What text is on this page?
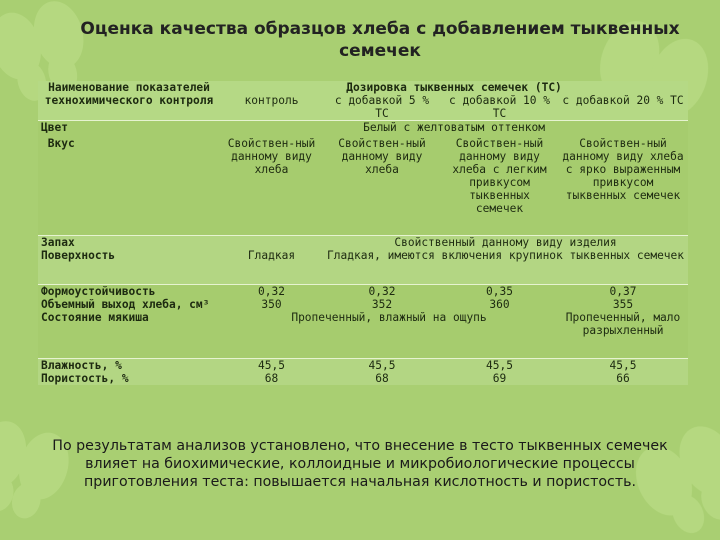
Оценка качества образцов хлеба с добавлением тыквенных семечек
Наименование показателей технохимического контроля	Дозировка тыквенных семечек (ТС)			
	контроль	с добавкой 5 % ТС	с добавкой 10 % ТС	с добавкой 20 % ТС
Цвет	Белый с желтоватым оттенком			
Вкус	Свойствен-ный данному виду хлеба	Свойствен-ный данному виду хлеба	Свойствен-ный данному виду хлеба с легким привкусом тыквенных семечек	Свойствен-ный данному виду хлеба с ярко выраженным привкусом тыквенных семечек
Запах		Свойственный данному виду изделия		
Поверхность	Гладкая	Гладкая, имеются включения крупинок тыквенных семечек		
Формоустойчивость	0,32	0,32	0,35	0,37
Объемный выход хлеба, см³	350	352	360	355
Состояние мякиша	Пропеченный, влажный на ощупь			Пропеченный, мало разрыхленный
Влажность, %	45,5	45,5	45,5	45,5
Пористость, %	68	68	69	66
По результатам анализов установлено, что внесение в тесто тыквенных семечек влияет на биохимические, коллоидные и микробиологические процессы приготовления теста: повышается начальная кислотность и пористость.
